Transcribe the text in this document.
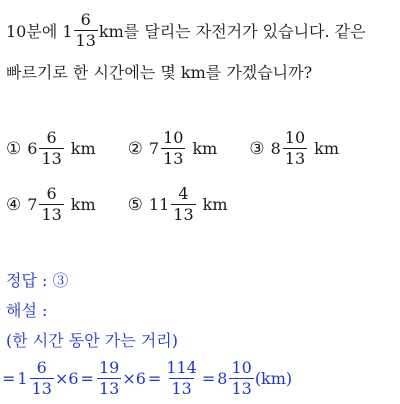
10분에 $1 \frac{6}{13}$ km를 달리는 자전거가 있습니다. 같은
빠르기로 한 시간에는 몇 km를 가겠습니까?
① $6 \frac{6}{13}$ km ② $7 \frac{10}{13}$ km ③ $8 \frac{10}{13}$ km
④ $7 \frac{6}{13}$ km ⑤ $11 \frac{4}{13}$ km
정답 : ③
해설 :
(한 시간 동안 가는 거리)
= $1 \frac{6}{13} \times 6 = \frac{19}{13} \times 6 = \frac{114}{13} = 8 \frac{10}{13} (km)$
